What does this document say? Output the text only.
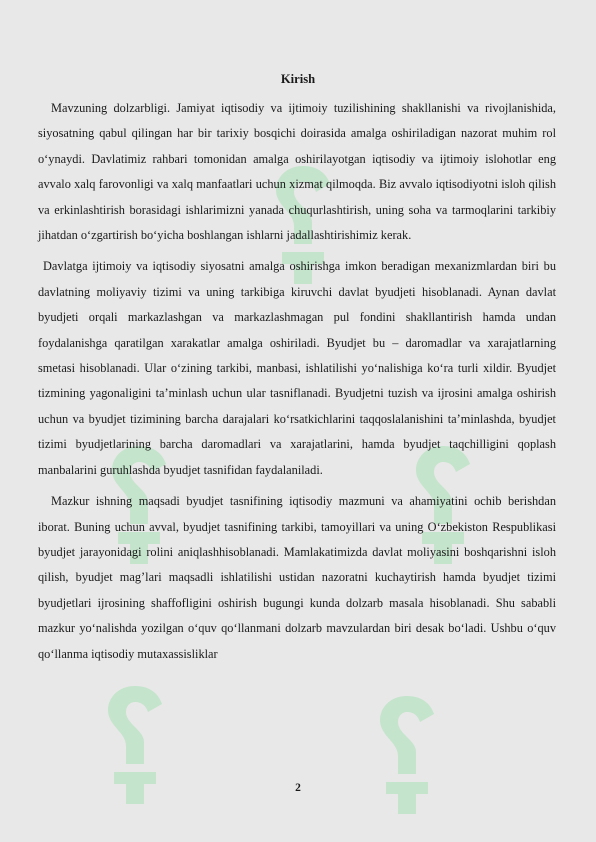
Kirish

Mavzuning dolzarbligi. Jamiyat iqtisodiy va ijtimoiy tuzilishining shakllanishi va rivojlanishida, siyosatning qabul qilingan har bir tarixiy bosqichi doirasida amalga oshiriladigan nazorat muhim rol o‘ynaydi. Davlatimiz rahbari tomonidan amalga oshirilayotgan iqtisodiy va ijtimoiy islohotlar eng avvalo xalq farovonligi va xalq manfaatlari uchun xizmat qilmoqda. Biz avvalo iqtisodiyotni isloh qilish va erkinlashtirish borasidagi ishlarimizni yanada chuqurlashtirish, uning soha va tarmoqlarini tarkibiy jihatdan o‘zgartirish bo‘yicha boshlangan ishlarni jadallashtirishimiz kerak.

Davlatga ijtimoiy va iqtisodiy siyosatni amalga oshirishga imkon beradigan mexanizmlardan biri bu davlatning moliyaviy tizimi va uning tarkibiga kiruvchi davlat byudjeti hisoblanadi. Aynan davlat byudjeti orqali markazlashgan va markazlashmagan pul fondini shakllantirish hamda undan foydalanishga qaratilgan xarakatlar amalga oshiriladi. Byudjet bu – daromadlar va xarajatlarning smetasi hisoblanadi. Ular o‘zining tarkibi, manbasi, ishlatilishi yo‘nalishiga ko‘ra turli xildir. Byudjet tizmining yagonaligini ta’minlash uchun ular tasniflanadi. Byudjetni tuzish va ijrosini amalga oshirish uchun va byudjet tizimining barcha darajalari ko‘rsatkichlarini taqqoslalanishini taʼminlashda, byudjet tizimi byudjetlarining barcha daromadlari va xarajatlarini, hamda byudjet taqchilligini qoplash manbalarini guruhlashda byudjet tasnifidan faydalaniladi.

Mazkur ishning maqsadi byudjet tasnifining iqtisodiy mazmuni va ahamiyatini ochib berishdan iborat. Buning uchun avval, byudjet tasnifining tarkibi, tamoyillari va uning O‘zbekiston Respublikasi byudjet jarayonidagi rolini aniqlashhisoblanadi. Mamlakatimizda davlat moliyasini boshqarishni isloh qilish, byudjet mag’lari maqsadli ishlatilishi ustidan nazoratni kuchaytirish hamda byudjet tizimi byudjetlari ijrosining shaffofligini oshirish bugungi kunda dolzarb masala hisoblanadi. Shu sababli mazkur yo‘nalishda yozilgan o‘quv qo‘llanmani dolzarb mavzulardan biri desak bo‘ladi. Ushbu o‘quv qo‘llanma iqtisodiy mutaxassisliklar

2
